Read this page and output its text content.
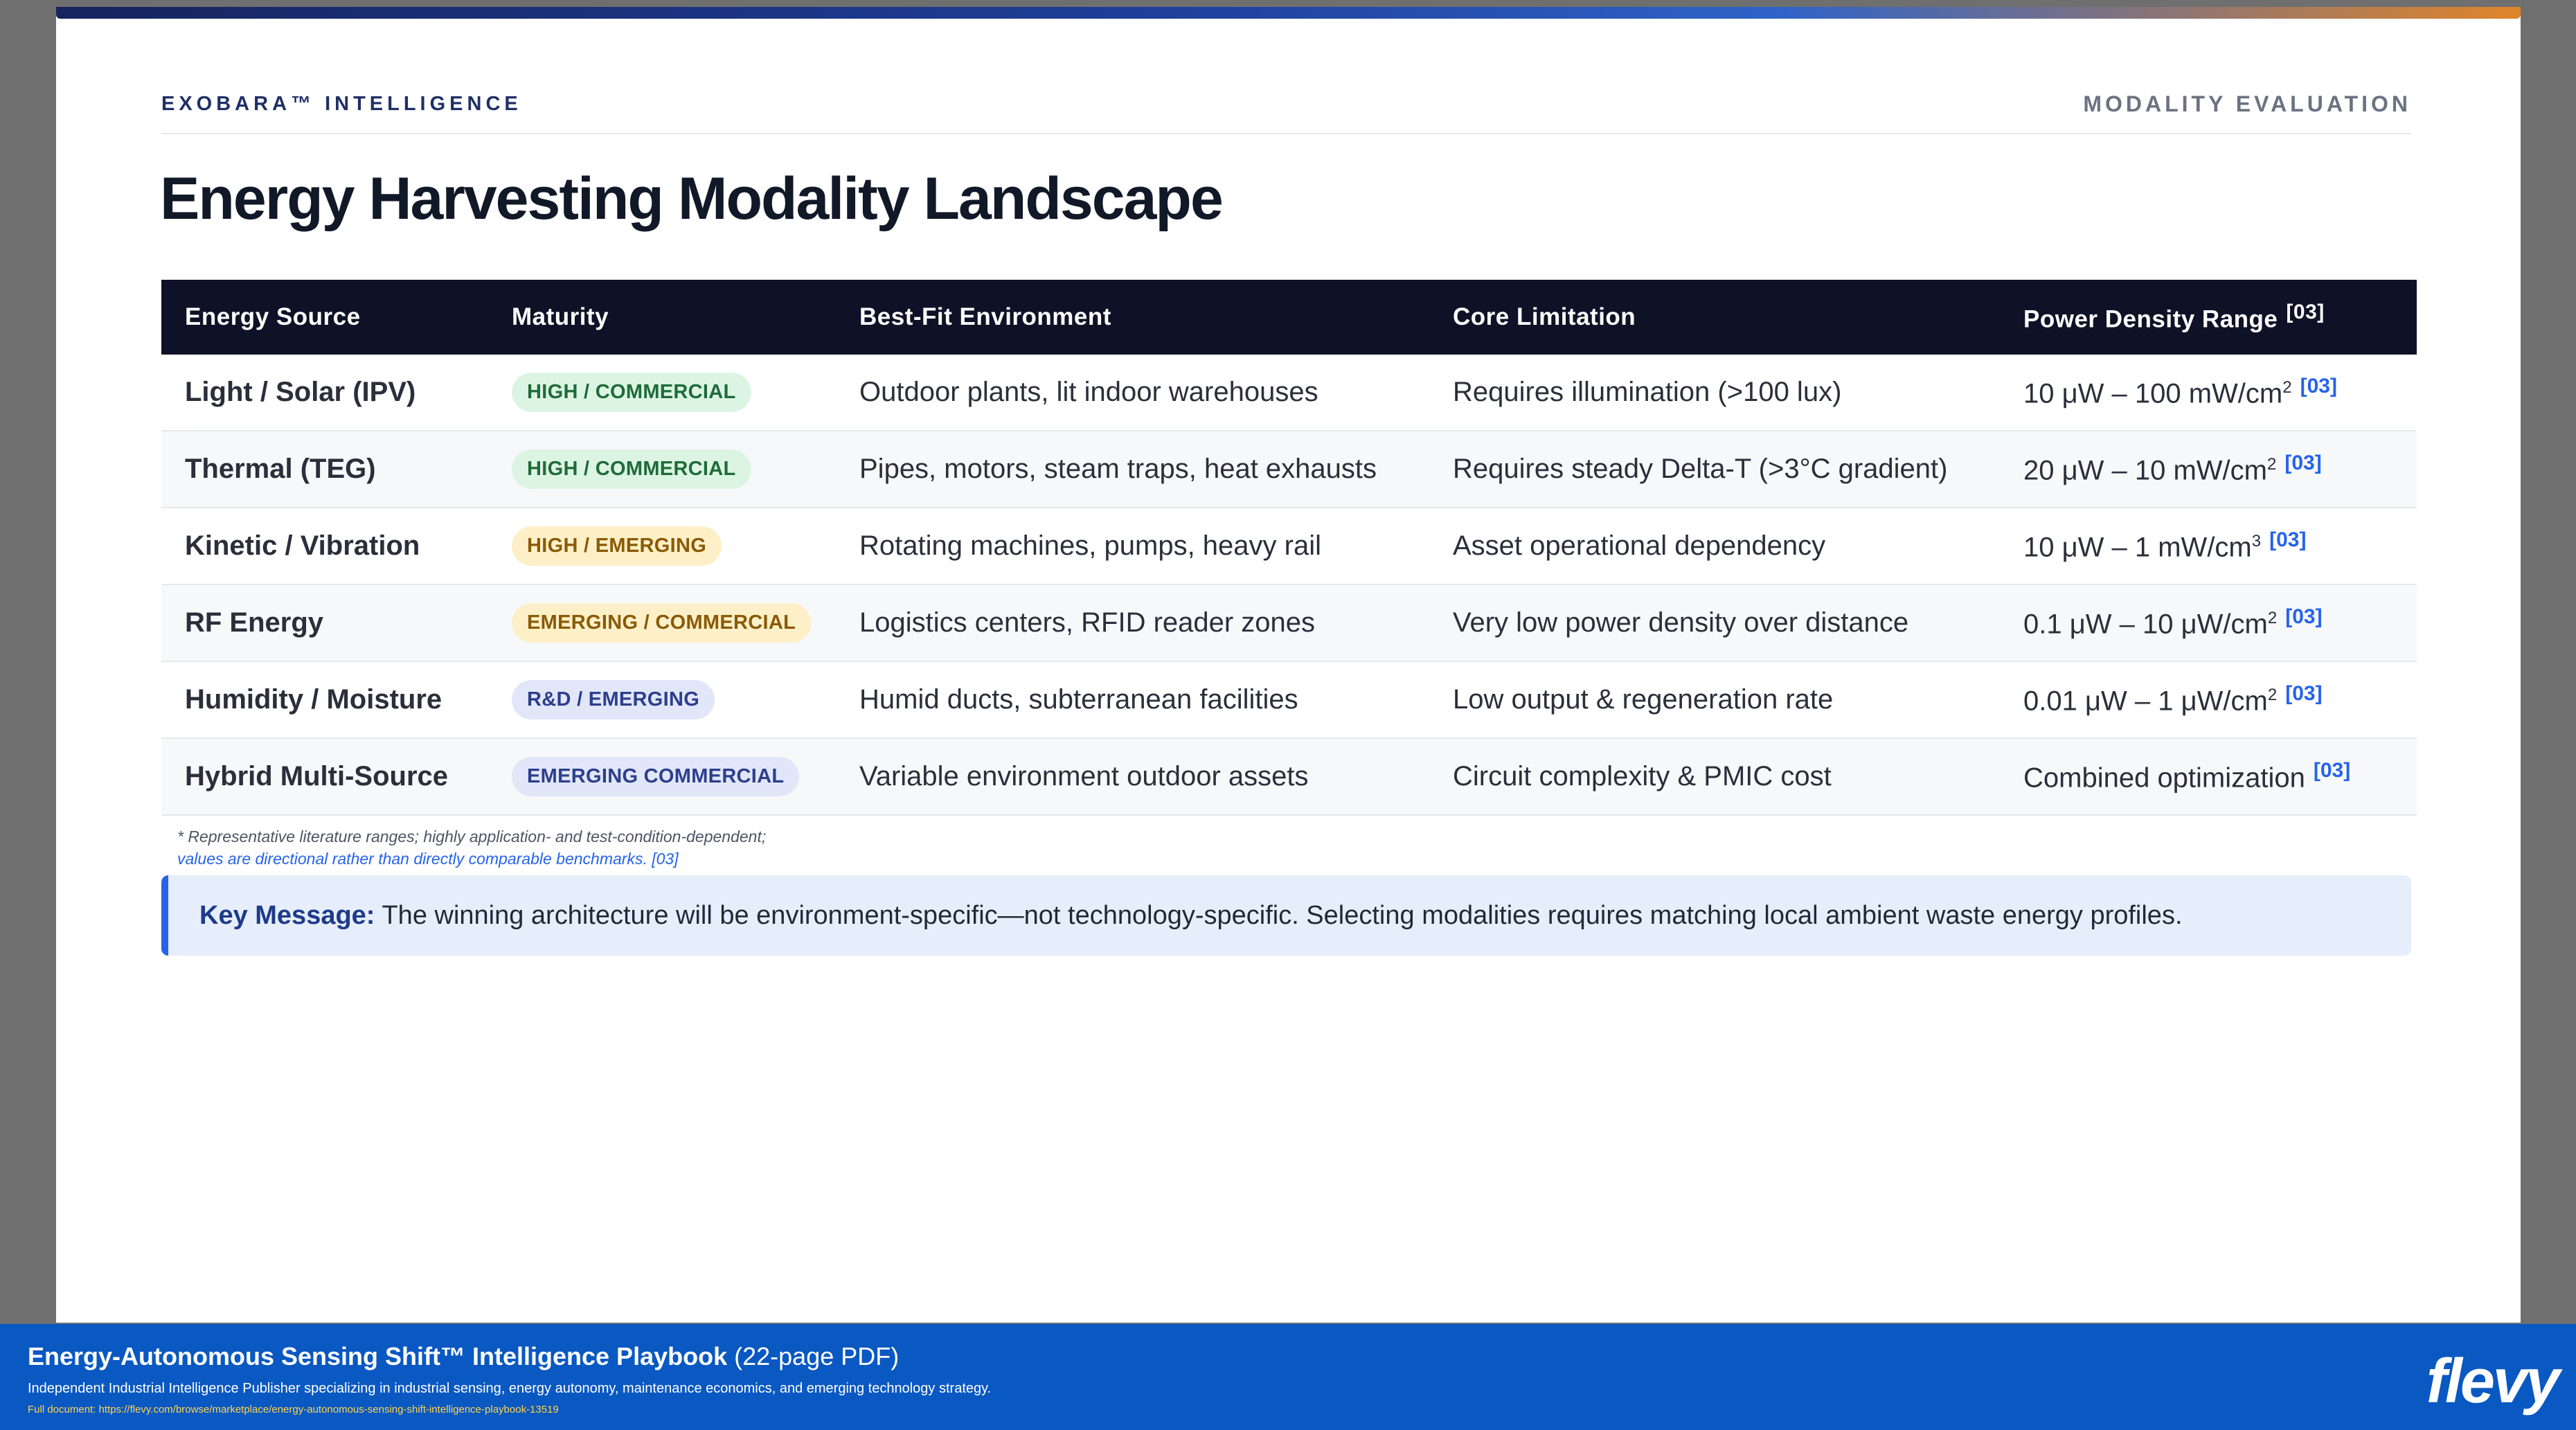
EXOBARA™ INTELLIGENCE	MODALITY EVALUATION
Energy Harvesting Modality Landscape
Energy Source	Maturity	Best-Fit Environment	Core Limitation	Power Density Range [03]
Light / Solar (IPV)	HIGH / COMMERCIAL	Outdoor plants, lit indoor warehouses	Requires illumination (>100 lux)	10 μW – 100 $mW/cm^2$ [03]
Thermal (TEG)	HIGH / COMMERCIAL	Pipes, motors, steam traps, heat exhausts	Requires steady Delta-T (>3°C gradient)	20 μW – 10 $mW/cm^2$ [03]
Kinetic / Vibration	HIGH / EMERGING	Rotating machines, pumps, heavy rail	Asset operational dependency	10 μW – 1 $mW/cm^3$ [03]
RF Energy	EMERGING / COMMERCIAL	Logistics centers, RFID reader zones	Very low power density over distance	0.1 μW – 10 $\mu W/cm^2$ [03]
Humidity / Moisture	R&D / EMERGING	Humid ducts, subterranean facilities	Low output & regeneration rate	0.01 μW – 1 $\mu W/cm^2$ [03]
Hybrid Multi-Source	EMERGING COMMERCIAL	Variable environment outdoor assets	Circuit complexity & PMIC cost	Combined optimization [03]
* Representative literature ranges; highly application- and test-condition-dependent;
values are directional rather than directly comparable benchmarks. [03]
Key Message: The winning architecture will be environment-specific—not technology-specific. Selecting modalities requires matching local ambient waste energy profiles.
Energy-Autonomous Sensing Shift™ Intelligence Playbook (22-page PDF)
Independent Industrial Intelligence Publisher specializing in industrial sensing, energy autonomy, maintenance economics, and emerging technology strategy.
Full document: https://flevy.com/browse/marketplace/energy-autonomous-sensing-shift-intelligence-playbook-13519	flevy
